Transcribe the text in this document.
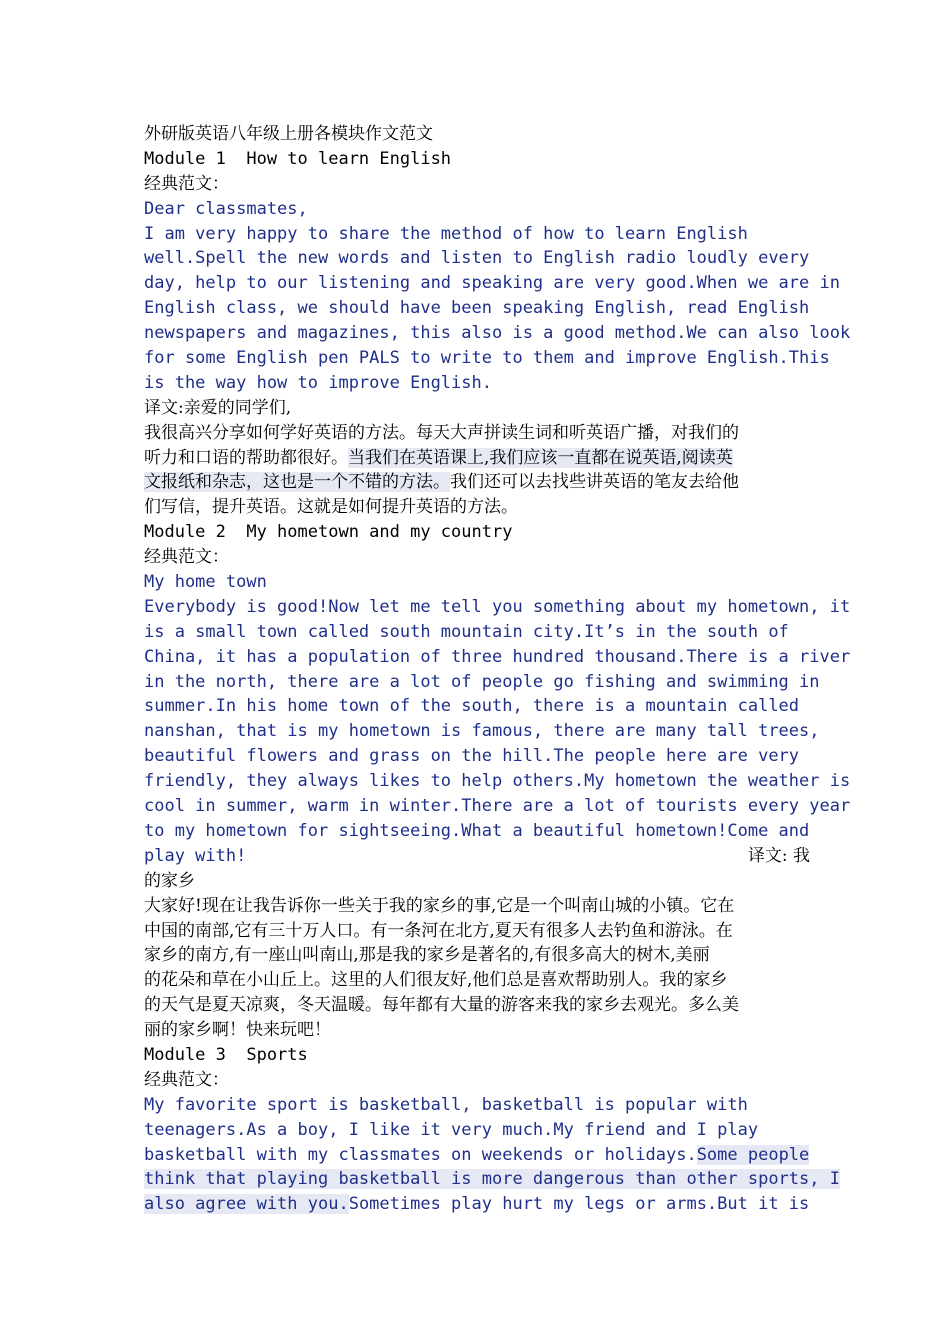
外研版英语八年级上册各模块作文范文
Module 1  How to learn English
经典范文：
Dear classmates,
I am very happy to share the method of how to learn English
well.Spell the new words and listen to English radio loudly every
day, help to our listening and speaking are very good.When we are in
English class, we should have been speaking English, read English
newspapers and magazines, this also is a good method.We can also look
for some English pen PALS to write to them and improve English.This
is the way how to improve English.
译文:亲爱的同学们,
我很高兴分享如何学好英语的方法。每天大声拼读生词和听英语广播，对我们的
听力和口语的帮助都很好。当我们在英语课上,我们应该一直都在说英语,阅读英
文报纸和杂志，这也是一个不错的方法。我们还可以去找些讲英语的笔友去给他
们写信，提升英语。这就是如何提升英语的方法。
Module 2  My hometown and my country
经典范文：
My home town
Everybody is good!Now let me tell you something about my hometown, it
is a small town called south mountain city.It’s in the south of
China, it has a population of three hundred thousand.There is a river
in the north, there are a lot of people go fishing and swimming in
summer.In his home town of the south, there is a mountain called
nanshan, that is my hometown is famous, there are many tall trees,
beautiful flowers and grass on the hill.The people here are very
friendly, they always likes to help others.My hometown the weather is
cool in summer, warm in winter.There are a lot of tourists every year
to my hometown for sightseeing.What a beautiful hometown!Come and
play with!	译文: 我
的家乡
大家好!现在让我告诉你一些关于我的家乡的事,它是一个叫南山城的小镇。它在
中国的南部,它有三十万人口。有一条河在北方,夏天有很多人去钓鱼和游泳。在
家乡的南方,有一座山叫南山,那是我的家乡是著名的,有很多高大的树木,美丽
的花朵和草在小山丘上。这里的人们很友好,他们总是喜欢帮助别人。我的家乡
的天气是夏天凉爽，冬天温暖。每年都有大量的游客来我的家乡去观光。多么美
丽的家乡啊！快来玩吧！
Module 3  Sports
经典范文：
My favorite sport is basketball, basketball is popular with
teenagers.As a boy, I like it very much.My friend and I play
basketball with my classmates on weekends or holidays.Some people
think that playing basketball is more dangerous than other sports, I
also agree with you.Sometimes play hurt my legs or arms.But it is
